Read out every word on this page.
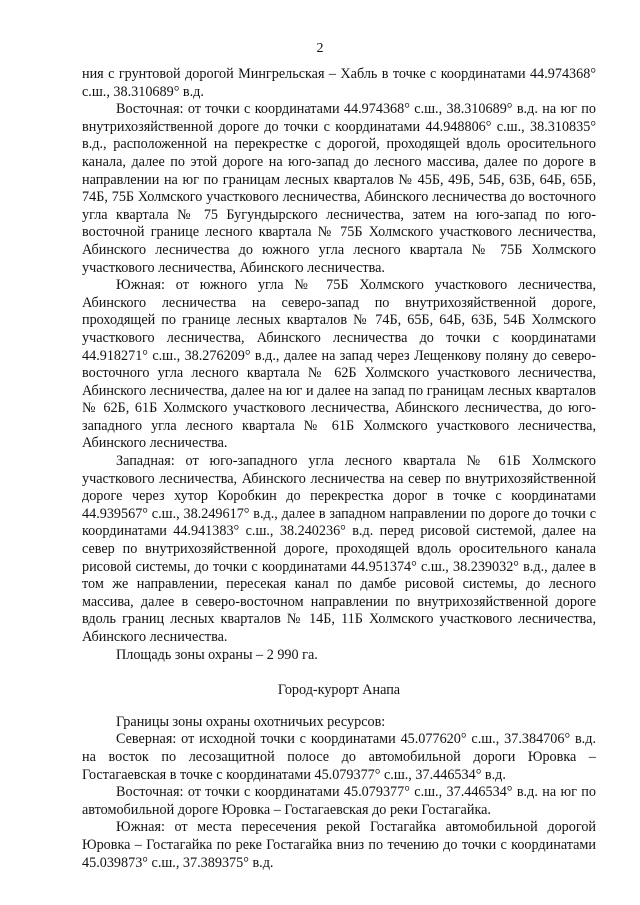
2

ния с грунтовой дорогой Мингрельская – Хабль в точке с координатами 44.974368° с.ш., 38.310689° в.д.

Восточная: от точки с координатами 44.974368° с.ш., 38.310689° в.д. на юг по внутрихозяйственной дороге до точки с координатами 44.948806° с.ш., 38.310835° в.д., расположенной на перекрестке с дорогой, проходящей вдоль оросительного канала, далее по этой дороге на юго-запад до лесного массива, далее по дороге в направлении на юг по границам лесных кварталов № 45Б, 49Б, 54Б, 63Б, 64Б, 65Б, 74Б, 75Б Холмского участкового лесничества, Абинского лесничества до восточного угла квартала № 75 Бугундырского лесничества, затем на юго-запад по юго-восточной границе лесного квартала № 75Б Холмского участкового лесничества, Абинского лесничества до южного угла лесного квартала № 75Б Холмского участкового лесничества, Абинского лесничества.

Южная: от южного угла № 75Б Холмского участкового лесничества, Абинского лесничества на северо-запад по внутрихозяйственной дороге, проходящей по границе лесных кварталов № 74Б, 65Б, 64Б, 63Б, 54Б Холмского участкового лесничества, Абинского лесничества до точки с координатами 44.918271° с.ш., 38.276209° в.д., далее на запад через Лещенкову поляну до северо-восточного угла лесного квартала № 62Б Холмского участкового лесничества, Абинского лесничества, далее на юг и далее на запад по границам лесных кварталов № 62Б, 61Б Холмского участкового лесничества, Абинского лесничества, до юго-западного угла лесного квартала № 61Б Холмского участкового лесничества, Абинского лесничества.

Западная: от юго-западного угла лесного квартала № 61Б Холмского участкового лесничества, Абинского лесничества на север по внутрихозяйственной дороге через хутор Коробкин до перекрестка дорог в точке с координатами 44.939567° с.ш., 38.249617° в.д., далее в западном направлении по дороге до точки с координатами 44.941383° с.ш., 38.240236° в.д. перед рисовой системой, далее на север по внутрихозяйственной дороге, проходящей вдоль оросительного канала рисовой системы, до точки с координатами 44.951374° с.ш., 38.239032° в.д., далее в том же направлении, пересекая канал по дамбе рисовой системы, до лесного массива, далее в северо-восточном направлении по внутрихозяйственной дороге вдоль границ лесных кварталов № 14Б, 11Б Холмского участкового лесничества, Абинского лесничества.

Площадь зоны охраны – 2 990 га.

Город-курорт Анапа

Границы зоны охраны охотничьих ресурсов:

Северная: от исходной точки с координатами 45.077620° с.ш., 37.384706° в.д. на восток по лесозащитной полосе до автомобильной дороги Юровка – Гостагаевская в точке с координатами 45.079377° с.ш., 37.446534° в.д.

Восточная: от точки с координатами 45.079377° с.ш., 37.446534° в.д. на юг по автомобильной дороге Юровка – Гостагаевская до реки Гостагайка.

Южная: от места пересечения рекой Гостагайка автомобильной дорогой Юровка – Гостагайка по реке Гостагайка вниз по течению до точки с координатами 45.039873° с.ш., 37.389375° в.д.
